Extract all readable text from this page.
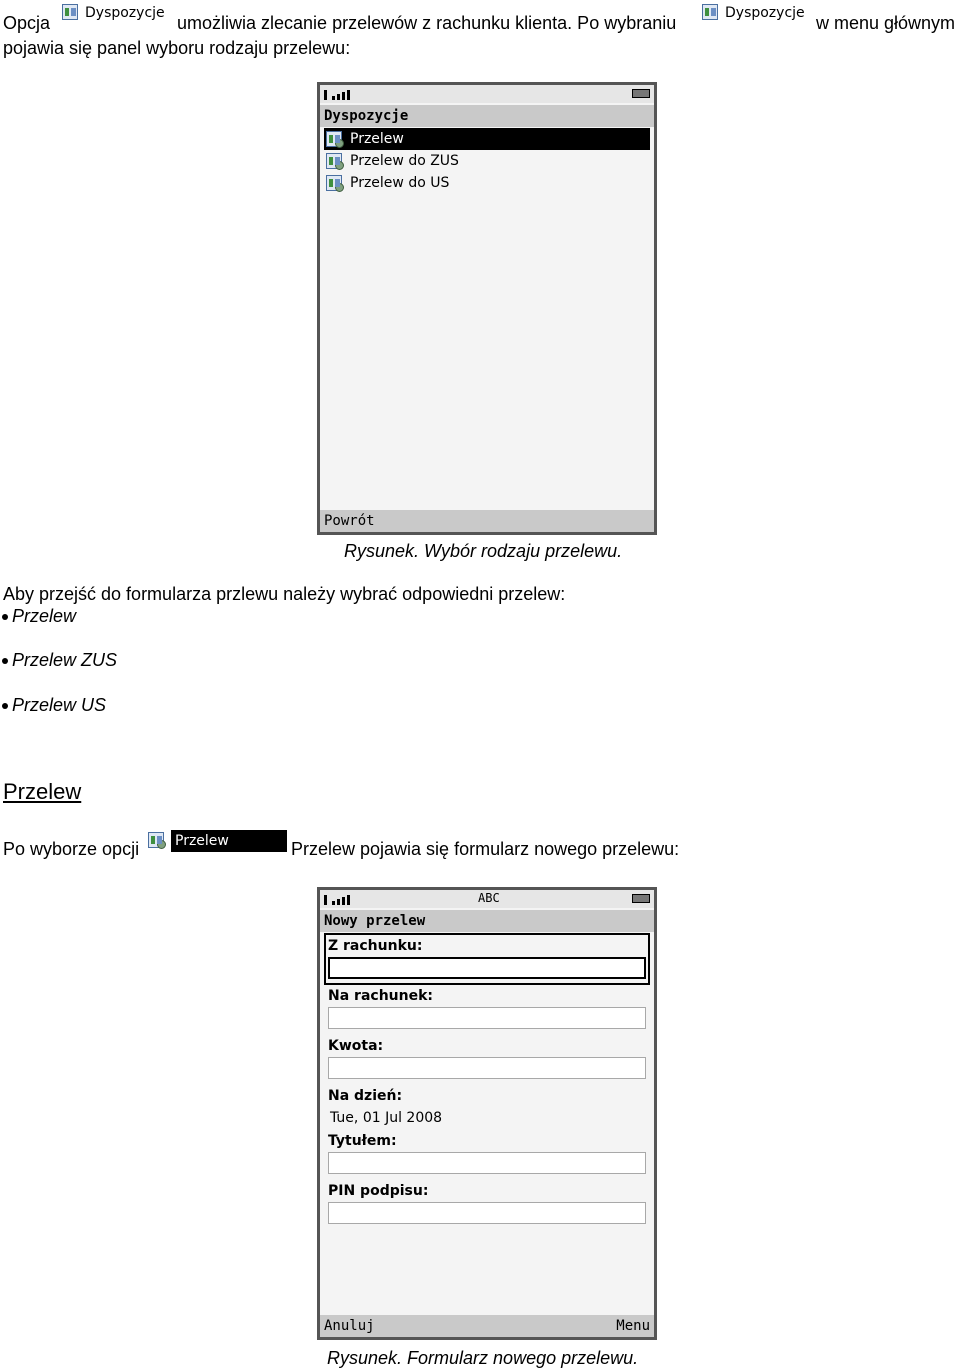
Opcja Dyspozycje umożliwia zlecanie przelewów z rachunku klienta. Po wybraniu	Dyspozycje w menu głównym
pojawia się panel wyboru rodzaju przelewu:
Dyspozycje
Przelew
Przelew do ZUS
Przelew do US
Powrót
Rysunek. Wybór rodzaju przelewu.
Aby przejść do formularza przlewu należy wybrać odpowiedni przelew:
Przelew
Przelew ZUS
Przelew US
Przelew
Po wyborze opcji	Przelew	Przelew pojawia się formularz nowego przelewu:
ABC
Nowy przelew
Z rachunku:
Na rachunek:
Kwota:
Na dzień:
Tue, 01 Jul 2008
Tytułem:
PIN podpisu:
Anuluj	Menu
Rysunek. Formularz nowego przelewu.
